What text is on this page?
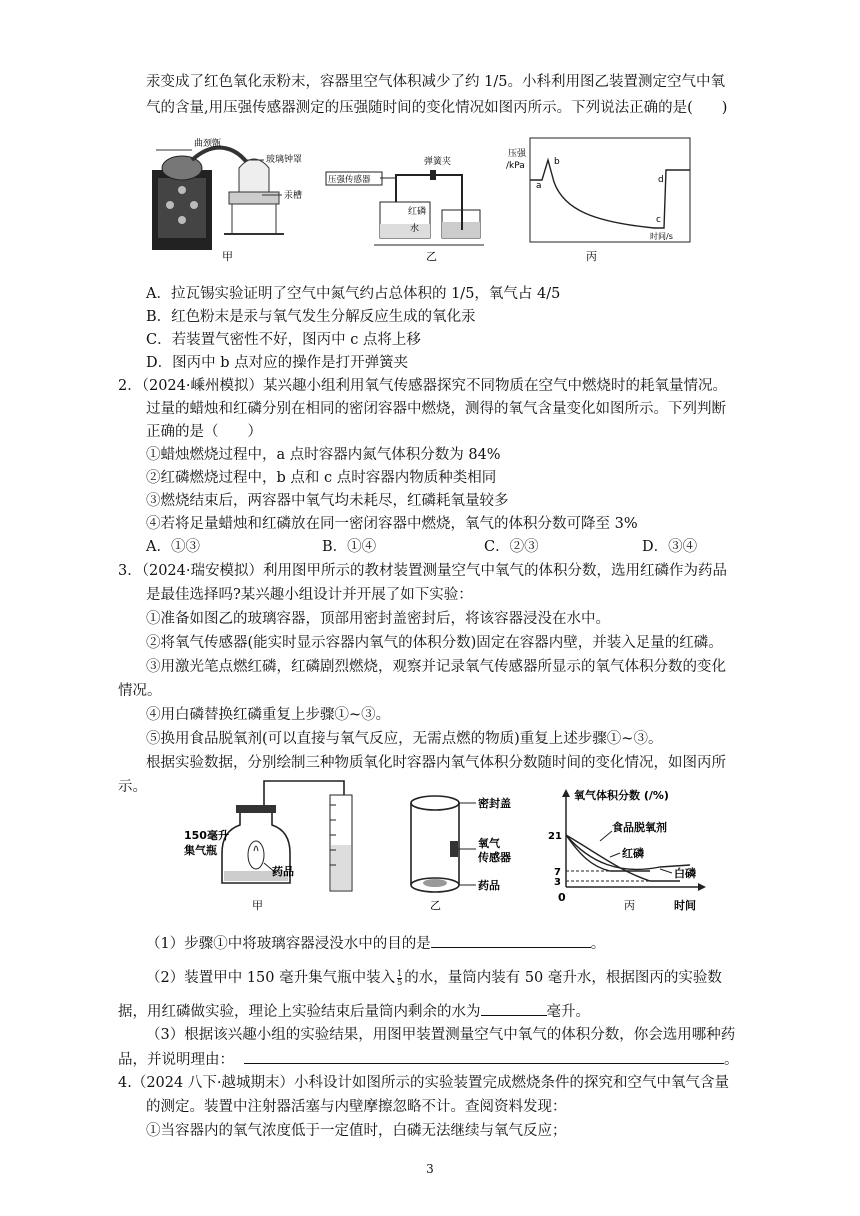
汞变成了红色氧化汞粉末，容器里空气体积减少了约 1/5。小科利用图乙装置测定空气中氧
气的含量,用压强传感器测定的压强随时间的变化情况如图丙所示。下列说法正确的是(　　)
曲颈甑
玻璃钟罩
汞槽
甲
压强传感器
弹簧夹
红磷
水
乙
压强
/kPa
a
b
c
d
时间/s
丙
A．拉瓦锡实验证明了空气中氮气约占总体积的 1/5，氧气占 4/5
B．红色粉末是汞与氧气发生分解反应生成的氧化汞
C．若装置气密性不好，图丙中 c 点将上移
D．图丙中 b 点对应的操作是打开弹簧夹
2．（2024·嵊州模拟）某兴趣小组利用氧气传感器探究不同物质在空气中燃烧时的耗氧量情况。
过量的蜡烛和红磷分别在相同的密闭容器中燃烧，测得的氧气含量变化如图所示。下列判断
正确的是（　　）
①蜡烛燃烧过程中，a 点时容器内氮气体积分数为 84%
②红磷燃烧过程中，b 点和 c 点时容器内物质种类相同
③燃烧结束后，两容器中氧气均未耗尽，红磷耗氧量较多
④若将足量蜡烛和红磷放在同一密闭容器中燃烧，氧气的体积分数可降至 3%
A．①③	B．①④	C．②③	D．③④
3．（2024·瑞安模拟）利用图甲所示的教材装置测量空气中氧气的体积分数，选用红磷作为药品
是最佳选择吗?某兴趣小组设计并开展了如下实验：
①准备如图乙的玻璃容器，顶部用密封盖密封后，将该容器浸没在水中。
②将氧气传感器(能实时显示容器内氧气的体积分数)固定在容器内壁，并装入足量的红磷。
③用激光笔点燃红磷，红磷剧烈燃烧，观察并记录氧气传感器所显示的氧气体积分数的变化
情况。
④用白磷替换红磷重复上步骤①~③。
⑤换用食品脱氧剂(可以直接与氧气反应，无需点燃的物质)重复上述步骤①~③。
根据实验数据，分别绘制三种物质氧化时容器内氧气体积分数随时间的变化情况，如图丙所
示。
150毫升
集气瓶
药品
甲
密封盖
氧气
传感器
药品
乙
氧气体积分数 (/%)
21
7
3
食品脱氧剂
红磷
白磷
0
时间
丙
（1）步骤①中将玻璃容器浸没水中的目的是	。
（2）装置甲中 150 毫升集气瓶中装入 $\frac{1}{5}$ 的水，量筒内装有 50 毫升水，根据图丙的实验数
据，用红磷做实验，理论上实验结束后量筒内剩余的水为	毫升。
（3）根据该兴趣小组的实验结果，用图甲装置测量空气中氧气的体积分数，你会选用哪种药
品，并说明理由：	。
4.（2024 八下·越城期末）小科设计如图所示的实验装置完成燃烧条件的探究和空气中氧气含量
的测定。装置中注射器活塞与内壁摩擦忽略不计。查阅资料发现：
①当容器内的氧气浓度低于一定值时，白磷无法继续与氧气反应；
3
